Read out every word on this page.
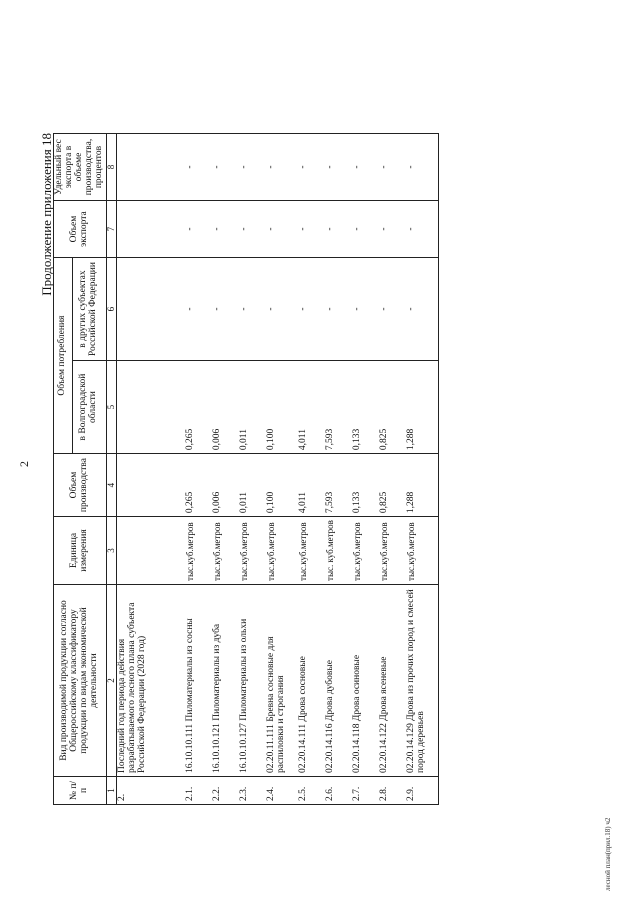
2
Продолжение приложения 18
№ п/п	Вид производимой продукции согласно Общероссийскому классификатору продукции по видам экономической деятельности	Единица измерения	Объем производства	Объем потребления		Объем экспорта	Удельный вес экспорта в объеме производства, процентов
				в Волгоградской области	в других субъектах Российской Федерации		
1	2	3	4	5	6	7	8
2.	Последний год периода действия разрабатываемого лесного плана субъекта Российской Федерации (2028 год)						
2.1.	16.10.10.111 Пиломатериалы из сосны	тыс.куб.метров	0,265	0,265	-	-	-
2.2.	16.10.10.121 Пиломатериалы из дуба	тыс.куб.метров	0,006	0,006	-	-	-
2.3.	16.10.10.127 Пиломатериалы из ольхи	тыс.куб.метров	0,011	0,011	-	-	-
2.4.	02.20.11.111 Бревна сосновые для распиловки и строгания	тыс.куб.метров	0,100	0,100	-	-	-
2.5.	02.20.14.111 Дрова сосновые	тыс.куб.метров	4,011	4,011	-	-	-
2.6.	02.20.14.116 Дрова дубовые	тыс. куб.метров	7,593	7,593	-	-	-
2.7.	02.20.14.118 Дрова осиновые	тыс.куб.метров	0,133	0,133	-	-	-
2.8.	02.20.14.122 Дрова ясеневые	тыс.куб.метров	0,825	0,825	-	-	-
2.9.	02.20.14.129 Дрова из прочих пород и смесей пород деревьев	тыс.куб.метров	1,288	1,288	-	-	-
лесной план(прил.18) ч2
